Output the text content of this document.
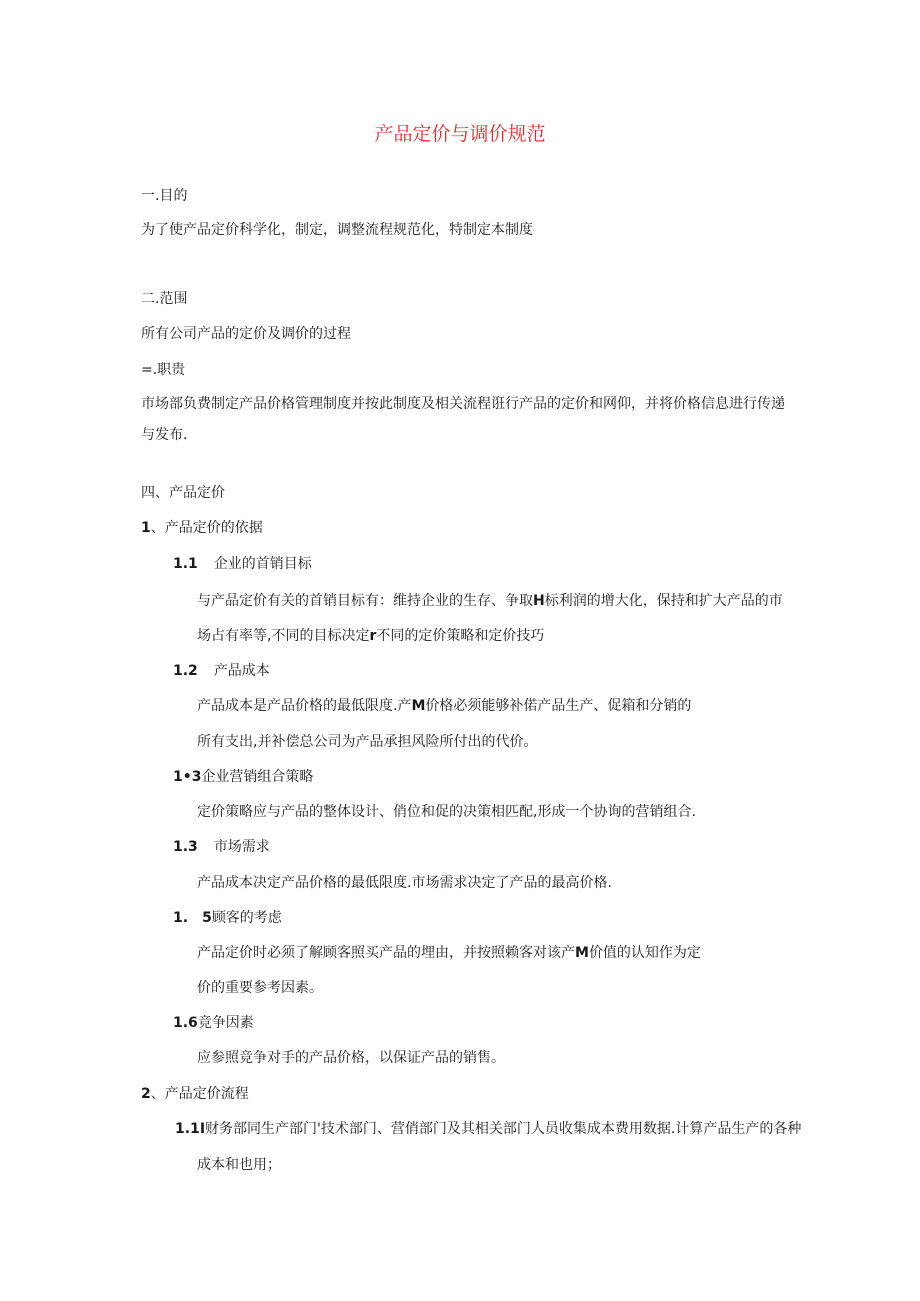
产品定价与调价规范
一.目的
为了使产品定价科学化，制定，调整流程规范化，特制定本制度
二.范围
所有公司产品的定价及调价的过程
=.职贵
市场部负费制定产品价格管理制度并按此制度及相关流程诳行产品的定价和网仰，并将价格信息进行传递
与发布.
四、产品定价
1、产品定价的依据
1.1 企业的首销目标
与产品定价有关的首销目标有：维持企业的生存、争取H标利润的增大化，保持和扩大产品的市
场占有率等,不同的目标决定r不同的定价策略和定价技巧
1.2 产品成本
产品成本是产品价格的最低限度.产M价格必须能够补偌产品生产、促箱和分销的
所有支出,并补偿总公司为产品承担风险所付出的代价。
1•3企业营销组合策略
定价策略应与产品的整体设计、俏位和促的决策相匹配,形成一个协询的营销组合.
1.3 市场需求
产品成本决定产品价格的最低限度.市场需求决定了产品的最高价格.
1. 5顾客的考虑
产品定价时必须了解顾客照买产品的埋由，并按照赖客对该产M价值的认知作为定
价的重要参考因素。
1.6竞争因素
应参照竞争对手的产品价格，以保证产品的销售。
2、产品定价流程
1.1I财务部同生产部门'技术部门、营俏部门及其相关部门人员收集成本费用数据.计算产品生产的各种
成本和也用；
